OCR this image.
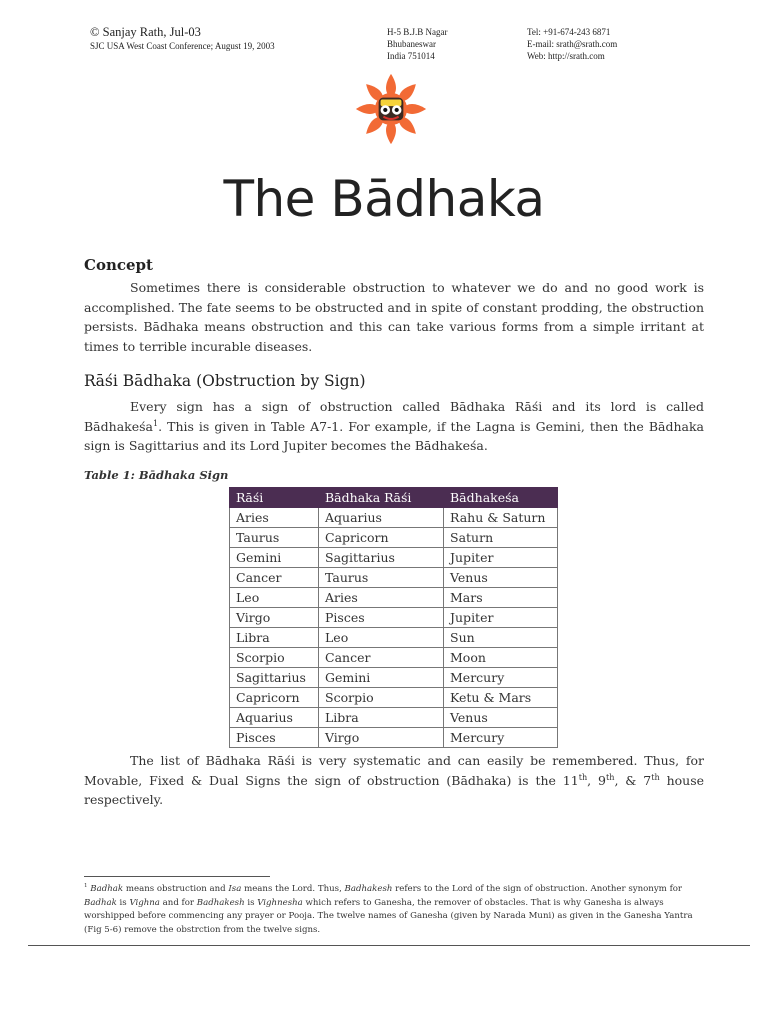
© Sanjay Rath, Jul-03
SJC USA West Coast Conference; August 19, 2003
H-5 B.J.B Nagar
Bhubaneswar
India 751014
Tel: +91-674-243 6871
E-mail: srath@srath.com
Web: http://srath.com
The Bādhaka
Concept
Sometimes there is considerable obstruction to whatever we do and no good work is accomplished. The fate seems to be obstructed and in spite of constant prodding, the obstruction persists. Bādhaka means obstruction and this can take various forms from a simple irritant at times to terrible incurable diseases.
Rāśi Bādhaka (Obstruction by Sign)
Every sign has a sign of obstruction called Bādhaka Rāśi and its lord is called Bādhakeśa$^1$. This is given in Table A7-1. For example, if the Lagna is Gemini, then the Bādhaka sign is Sagittarius and its Lord Jupiter becomes the Bādhakeśa.
Table 1: Bādhaka Sign
Rāśi	Bādhaka Rāśi	Bādhakeśa
Aries	Aquarius	Rahu & Saturn
Taurus	Capricorn	Saturn
Gemini	Sagittarius	Jupiter
Cancer	Taurus	Venus
Leo	Aries	Mars
Virgo	Pisces	Jupiter
Libra	Leo	Sun
Scorpio	Cancer	Moon
Sagittarius	Gemini	Mercury
Capricorn	Scorpio	Ketu & Mars
Aquarius	Libra	Venus
Pisces	Virgo	Mercury
The list of Bādhaka Rāśi is very systematic and can easily be remembered. Thus, for Movable, Fixed & Dual Signs the sign of obstruction (Bādhaka) is the 11th, 9th, & 7th house respectively.
$^1$ Badhak means obstruction and Isa means the Lord. Thus, Badhakesh refers to the Lord of the sign of obstruction. Another synonym for Badhak is Vighna and for Badhakesh is Vighnesha which refers to Ganesha, the remover of obstacles. That is why Ganesha is always worshipped before commencing any prayer or Pooja. The twelve names of Ganesha (given by Narada Muni) as given in the Ganesha Yantra (Fig 5-6) remove the obstrction from the twelve signs.
